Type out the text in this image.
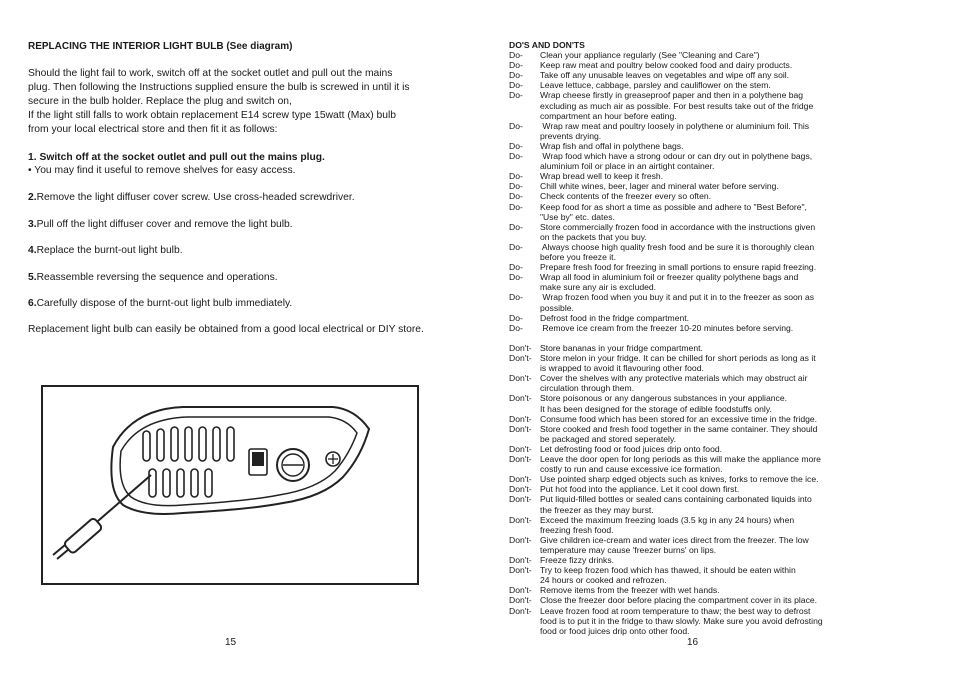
REPLACING THE INTERIOR LIGHT BULB (See diagram)
Should the light fail to work, switch off at the socket outlet and pull out the mains
plug. Then following the Instructions supplied ensure the bulb is screwed in until it is
secure in the bulb holder. Replace the plug and switch on,
If the light still falls to work obtain replacement E14 screw type 15watt (Max) bulb
from your local electrical store and then fit it as follows:
1. Switch off at the socket outlet and pull out the mains plug.
• You may find it useful to remove shelves for easy access.
2.Remove the light diffuser cover screw. Use cross-headed screwdriver.
3.Pull off the light diffuser cover and remove the light bulb.
4.Replace the burnt-out light bulb.
5.Reassemble reversing the sequence and operations.
6.Carefully dispose of the burnt-out light bulb immediately.
Replacement light bulb can easily be obtained from a good local electrical or DIY store.
15
DO'S AND DON'TS
Do- Clean your appliance regularly (See "Cleaning and Care")
Do- Keep raw meat and poultry below cooked food and dairy products.
Do- Take off any unusable leaves on vegetables and wipe off any soil.
Do- Leave lettuce, cabbage, parsley and cauliflower on the stem.
Do- Wrap cheese firstly in greaseproof paper and then in a polythene bag
excluding as much air as possible. For best results take out of the fridge
compartment an hour before eating.
Do- Wrap raw meat and poultry loosely in polythene or aluminium foil. This
prevents drying.
Do- Wrap fish and offal in polythene bags.
Do- Wrap food which have a strong odour or can dry out in polythene bags,
aluminium foil or place in an airtight container.
Do- Wrap bread well to keep it fresh.
Do- Chill white wines, beer, lager and mineral water before serving.
Do- Check contents of the freezer every so often.
Do- Keep food for as short a time as possible and adhere to "Best Before",
"Use by" etc. dates.
Do- Store commercially frozen food in accordance with the instructions given
on the packets that you buy.
Do- Always choose high quality fresh food and be sure it is thoroughly clean
before you freeze it.
Do- Prepare fresh food for freezing in small portions to ensure rapid freezing.
Do- Wrap all food in aluminium foil or freezer quality polythene bags and
make sure any air is excluded.
Do- Wrap frozen food when you buy it and put it in to the freezer as soon as
possible.
Do- Defrost food in the fridge compartment.
Do- Remove ice cream from the freezer 10-20 minutes before serving.
Don't- Store bananas in your fridge compartment.
Don't- Store melon in your fridge. It can be chilled for short periods as long as it
is wrapped to avoid it flavouring other food.
Don't- Cover the shelves with any protective materials which may obstruct air
circulation through them.
Don't- Store poisonous or any dangerous substances in your appliance.
It has been designed for the storage of edible foodstuffs only.
Don't- Consume food which has been stored for an excessive time in the fridge.
Don't- Store cooked and fresh food together in the same container. They should
be packaged and stored seperately.
Don't- Let defrosting food or food juices drip onto food.
Don't- Leave the door open for long periods as this will make the appliance more
costly to run and cause excessive ice formation.
Don't- Use pointed sharp edged objects such as knives, forks to remove the ice.
Don't- Put hot food into the appliance. Let it cool down first.
Don't- Put liquid-filled bottles or sealed cans containing carbonated liquids into
the freezer as they may burst.
Don't- Exceed the maximum freezing loads (3.5 kg in any 24 hours) when
freezing fresh food.
Don't- Give children ice-cream and water ices direct from the freezer. The low
temperature may cause 'freezer burns' on lips.
Don't- Freeze fizzy drinks.
Don't- Try to keep frozen food which has thawed, it should be eaten within
24 hours or cooked and refrozen.
Don't- Remove items from the freezer with wet hands.
Don't- Close the freezer door before placing the compartment cover in its place.
Don't- Leave frozen food at room temperature to thaw; the best way to defrost
food is to put it in the fridge to thaw slowly. Make sure you avoid defrosting
food or food juices drip onto other food.
16
